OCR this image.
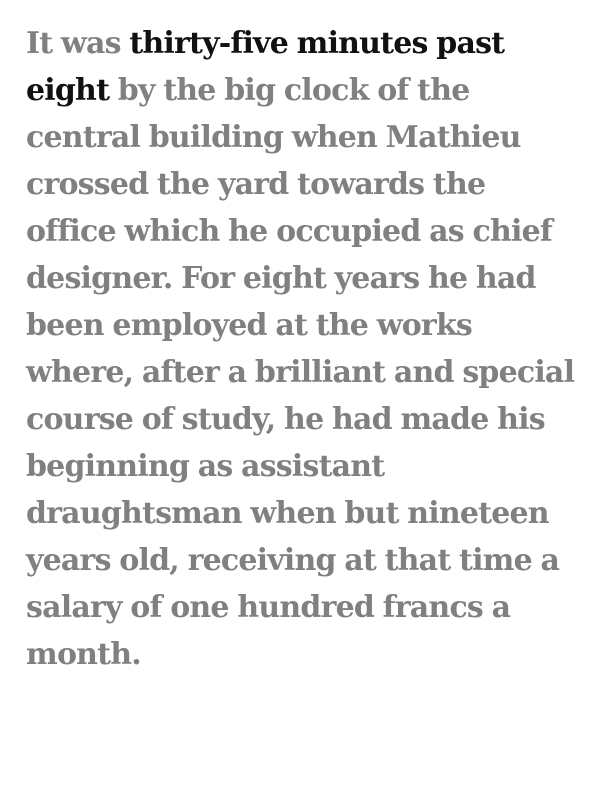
It was thirty-five minutes past eight by the big clock of the central building when Mathieu crossed the yard towards the office which he occupied as chief designer. For eight years he had been employed at the works where, after a brilliant and special course of study, he had made his beginning as assistant draughtsman when but nineteen years old, receiving at that time a salary of one hundred francs a month.
